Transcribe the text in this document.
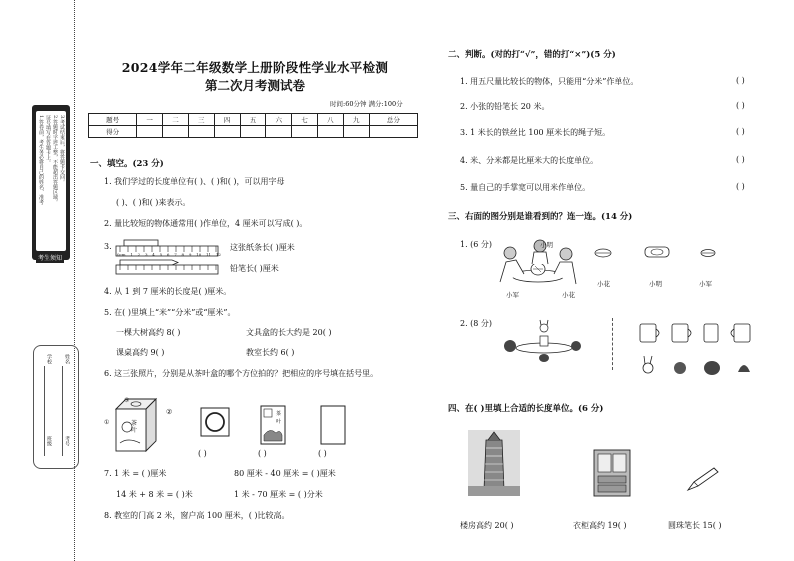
1.答卷前，考生务必将自己的姓名、准考 证号填写在答题卡上。 2.答题时字迹工整，不能超出答题区域。 3.考试结束后，将答题卡交回。
考生须知
学校 姓名
班级 考号
2024学年二年级数学上册阶段性学业水平检测
第二次月考测试卷
时间:60分钟 满分:100分
题号	一	二	三	四	五	六	七	八	九	总分
得分										
一、填空。(23 分)
1. 我们学过的长度单位有( )、( )和( )，可以用字母
( )、( )和( )来表示。
2. 量比较短的物体通常用( )作单位，4 厘米可以写成( )。
3.
0cm 1 2 3 4 5 6 7 8 9 10 11 12
这张纸条长( )厘米
铅笔长( )厘米
4. 从 1 到 7 厘米的长度是( )厘米。
5. 在( )里填上“米”“分米”或“厘米”。
一棵大树高约 8( )	文具盒的长大约是 20( )
课桌高约 9( )	教室长约 6( )
6. 这三张照片，分别是从茶叶盒的哪个方位拍的？把相应的序号填在括号里。
③
①
②
茶叶
茶
叶
( )	( )	( )
7. 1 米 = ( )厘米	80 厘米 - 40 厘米 = ( )厘米
14 米 + 8 米 = ( )米	1 米 - 70 厘米 = ( )分米
8. 教室的门高 2 米，窗户高 100 厘米，( )比较高。
二、判断。(对的打“√”，错的打“×”)(5 分)
1. 用五尺量比较长的物体，只能用“分米”作单位。	( )
2. 小张的铅笔长 20 米。	( )
3. 1 米长的铁丝比 100 厘米长的绳子短。	( )
4. 米、分米都是比厘米大的长度单位。	( )
5. 量自己的手掌宽可以用米作单位。	( )
三、右面的图分别是谁看到的？连一连。(14 分)
1. (6 分)	小明
小军	小花
小花	小明	小军
2. (8 分)
四、在( )里填上合适的长度单位。(6 分)
楼房高约 20( )	衣柜高约 19( )	圆珠笔长 15( )
